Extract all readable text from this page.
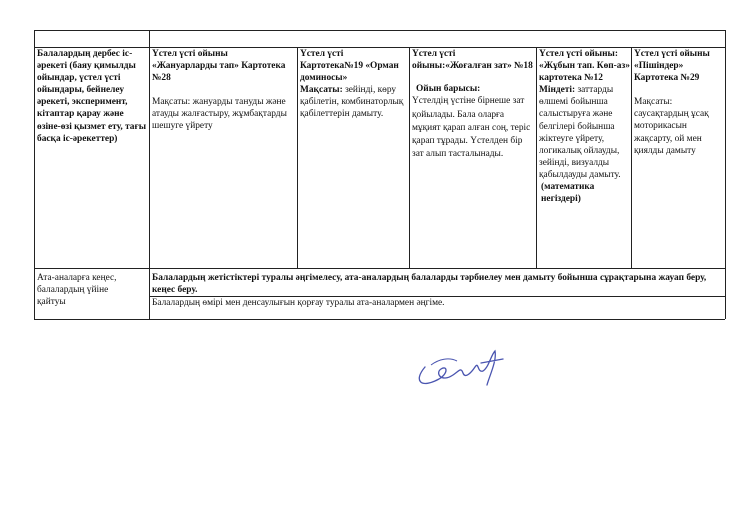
Балалардың дербес іс-әрекеті (баяу қимылды ойындар, үстел үсті ойындары, бейнелеу әрекеті, эксперимент, кітаптар қарау және өзіне-өзі қызмет ету, тағы басқа іс-әрекеттер)

Үстел үсті ойыны «Жануарларды тап» Картотека №28

Мақсаты: жануарды тануды және атауды жалғастыру, жұмбақтарды шешуге үйрету

Үстел үсті Картотека№19 «Орман доминосы»

Мақсаты: зейінді, көру қабілетін, комбинаторлық қабілеттерін дамыту.

Үстел үсті ойыны:«Жоғалған зат» №18

Ойын барысы:

Үстелдің үстіне бірнеше зат қойылады. Бала оларға мұқият қарап алған соң, теріс қарап тұрады. Үстелден бір зат алып тасталынады.

Үстел үсті ойыны: «Жұбын тап. Көп-аз» картотека №12

Міндеті: заттарды өлшемі бойынша салыстыруға және белгілері бойынша жіктеуге үйрету, логикалық ойлауды, зейінді, визуалды қабылдауды дамыту.

(математика негіздері)

Үстел үсті ойыны «Пішіндер» Картотека №29

Мақсаты: саусақтардың ұсақ моторикасын жақсарту, ой мен қиялды дамыту

Ата-аналарға кеңес, балалардың үйіне қайтуы
Балалардың жетістіктері туралы әңгімелесу, ата-аналардың балаларды тәрбиелеу мен дамыту бойынша сұрақтарына жауап беру, кеңес беру.
Балалардың өмірі мен денсаулығын қорғау туралы ата-аналармен әңгіме.
